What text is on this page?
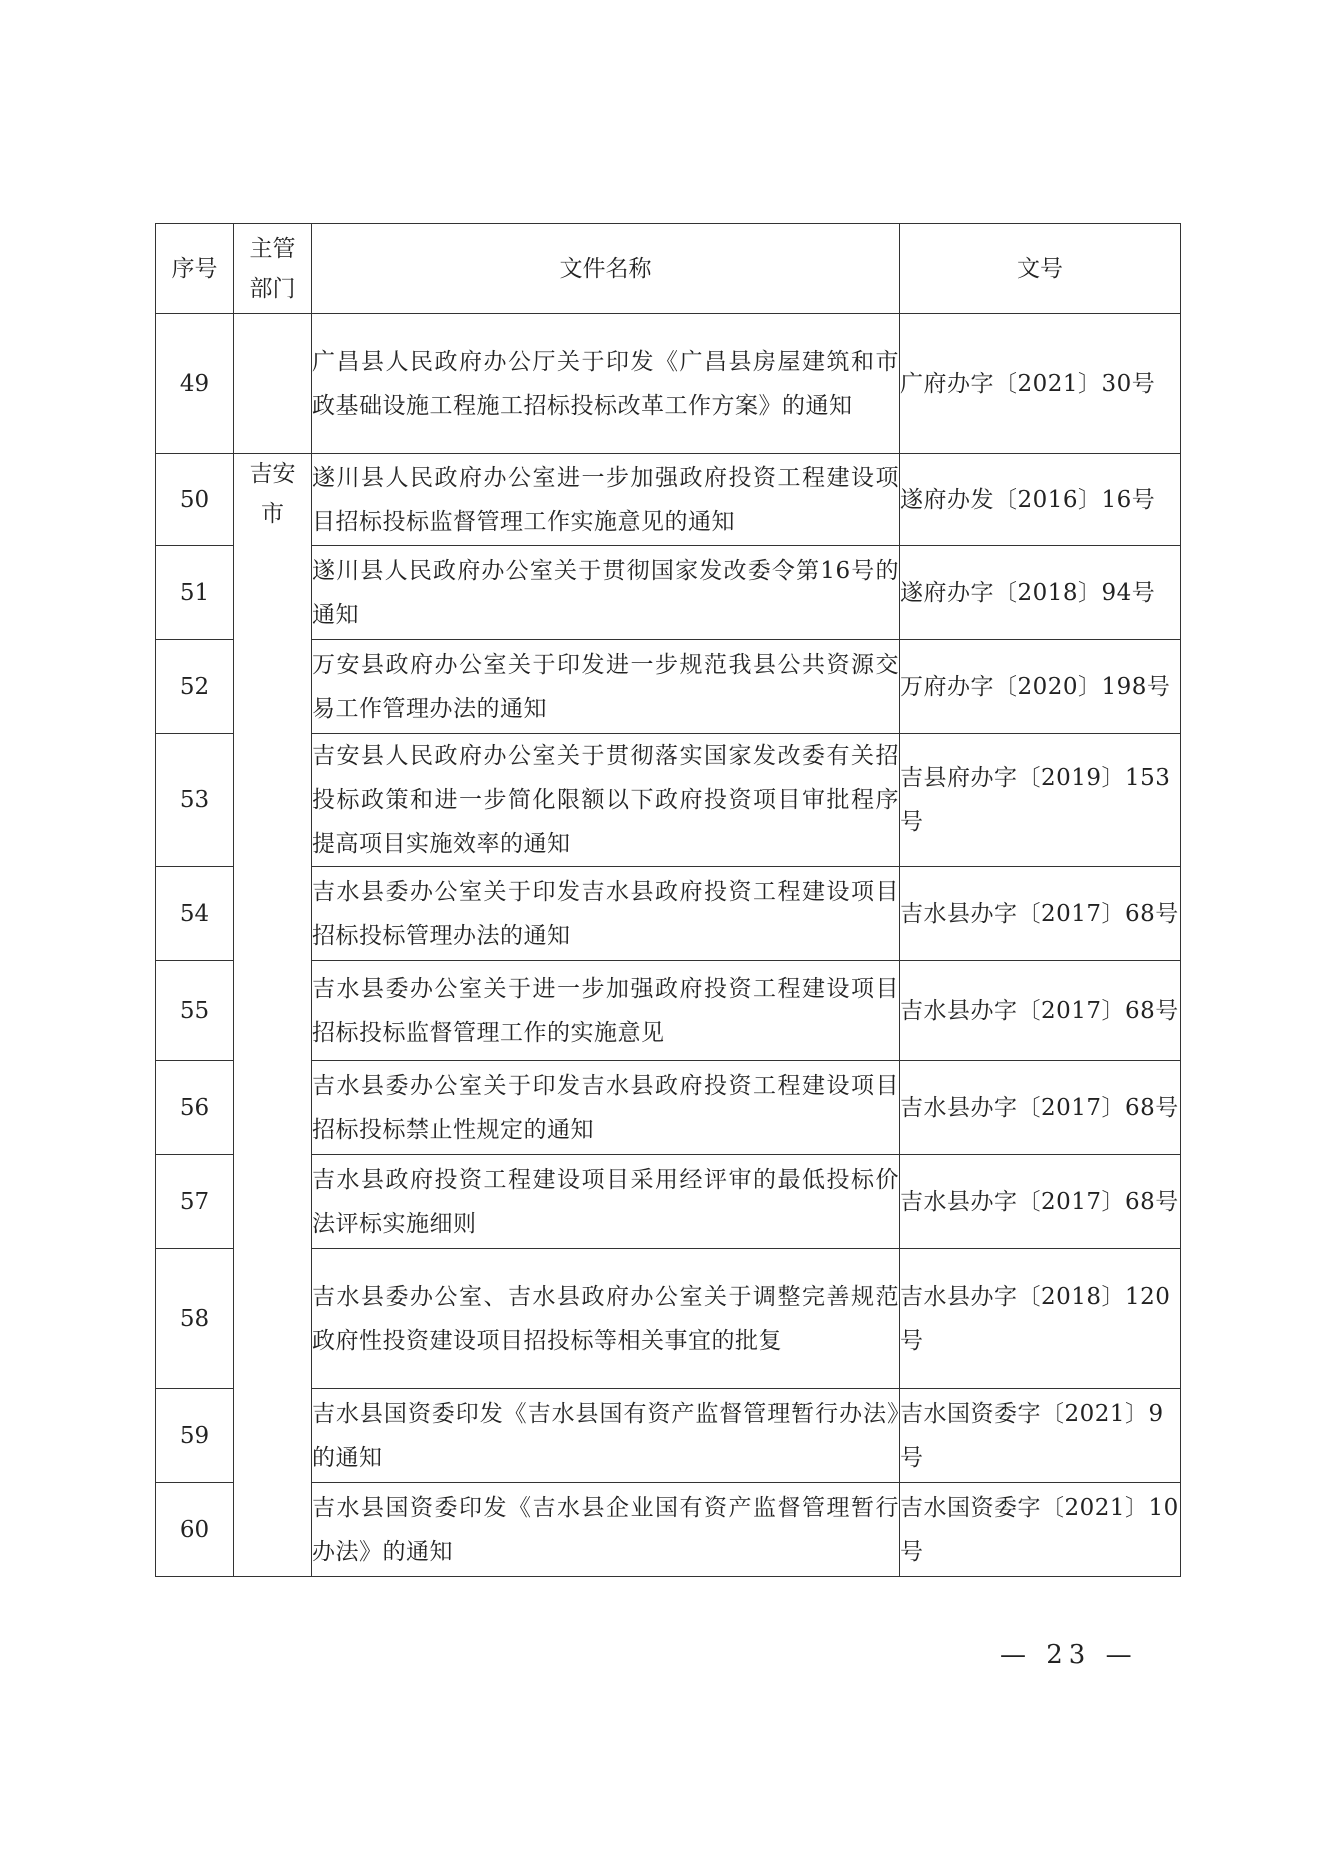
序号	主管部门	文件名称	文号
49		广昌县人民政府办公厅关于印发《广昌县房屋建筑和市政基础设施工程施工招标投标改革工作方案》的通知	广府办字〔2021〕30号
50	吉安市	遂川县人民政府办公室进一步加强政府投资工程建设项目招标投标监督管理工作实施意见的通知	遂府办发〔2016〕16号
51		遂川县人民政府办公室关于贯彻国家发改委令第16号的通知	遂府办字〔2018〕94号
52		万安县政府办公室关于印发进一步规范我县公共资源交易工作管理办法的通知	万府办字〔2020〕198号
53		吉安县人民政府办公室关于贯彻落实国家发改委有关招投标政策和进一步简化限额以下政府投资项目审批程序提高项目实施效率的通知	吉县府办字〔2019〕153号
54		吉水县委办公室关于印发吉水县政府投资工程建设项目招标投标管理办法的通知	吉水县办字〔2017〕68号
55		吉水县委办公室关于进一步加强政府投资工程建设项目招标投标监督管理工作的实施意见	吉水县办字〔2017〕68号
56		吉水县委办公室关于印发吉水县政府投资工程建设项目招标投标禁止性规定的通知	吉水县办字〔2017〕68号
57		吉水县政府投资工程建设项目采用经评审的最低投标价法评标实施细则	吉水县办字〔2017〕68号
58		吉水县委办公室、吉水县政府办公室关于调整完善规范政府性投资建设项目招投标等相关事宜的批复	吉水县办字〔2018〕120号
59		吉水县国资委印发《吉水县国有资产监督管理暂行办法》的通知	吉水国资委字〔2021〕9号
60		吉水县国资委印发《吉水县企业国有资产监督管理暂行办法》的通知	吉水国资委字〔2021〕10号
— 23 —
